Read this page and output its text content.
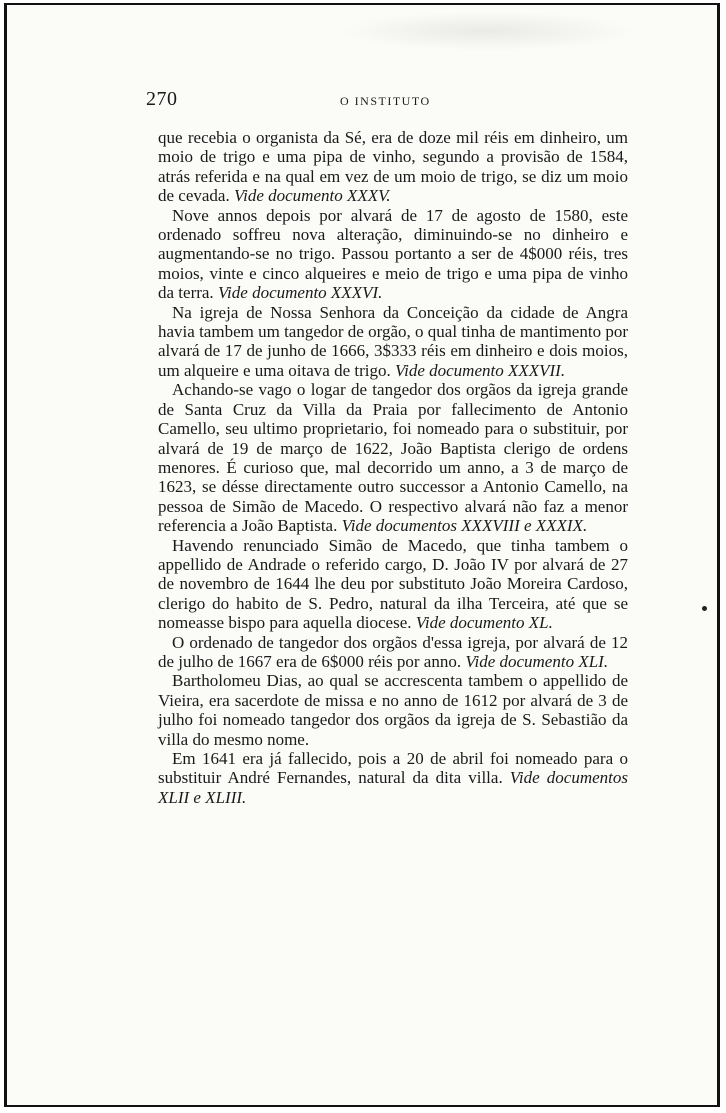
270	O INSTITUTO

que recebia o organista da Sé, era de doze mil réis em dinheiro, um moio de trigo e uma pipa de vinho, segundo a provisão de 1584, atrás referida e na qual em vez de um moio de trigo, se diz um moio de cevada. Vide documento XXXV.

Nove annos depois por alvará de 17 de agosto de 1580, este ordenado soffreu nova alteração, diminuindo-se no dinheiro e augmentando-se no trigo. Passou portanto a ser de 4$000 réis, tres moios, vinte e cinco alqueires e meio de trigo e uma pipa de vinho da terra. Vide documento XXXVI.

Na igreja de Nossa Senhora da Conceição da cidade de Angra havia tambem um tangedor de orgão, o qual tinha de mantimento por alvará de 17 de junho de 1666, 3$333 réis em dinheiro e dois moios, um alqueire e uma oitava de trigo. Vide documento XXXVII.

Achando-se vago o logar de tangedor dos orgãos da igreja grande de Santa Cruz da Villa da Praia por fallecimento de Antonio Camello, seu ultimo proprietario, foi nomeado para o substituir, por alvará de 19 de março de 1622, João Baptista clerigo de ordens menores. É curioso que, mal decorrido um anno, a 3 de março de 1623, se désse directamente outro successor a Antonio Camello, na pessoa de Simão de Macedo. O respectivo alvará não faz a menor referencia a João Baptista. Vide documentos XXXVIII e XXXIX.

Havendo renunciado Simão de Macedo, que tinha tambem o appellido de Andrade o referido cargo, D. João IV por alvará de 27 de novembro de 1644 lhe deu por substituto João Moreira Cardoso, clerigo do habito de S. Pedro, natural da ilha Terceira, até que se nomeasse bispo para aquella diocese. Vide documento XL.

O ordenado de tangedor dos orgãos d'essa igreja, por alvará de 12 de julho de 1667 era de 6$000 réis por anno. Vide documento XLI.

Bartholomeu Dias, ao qual se accrescenta tambem o appellido de Vieira, era sacerdote de missa e no anno de 1612 por alvará de 3 de julho foi nomeado tangedor dos orgãos da igreja de S. Sebastião da villa do mesmo nome.

Em 1641 era já fallecido, pois a 20 de abril foi nomeado para o substituir André Fernandes, natural da dita villa. Vide documentos XLII e XLIII.
